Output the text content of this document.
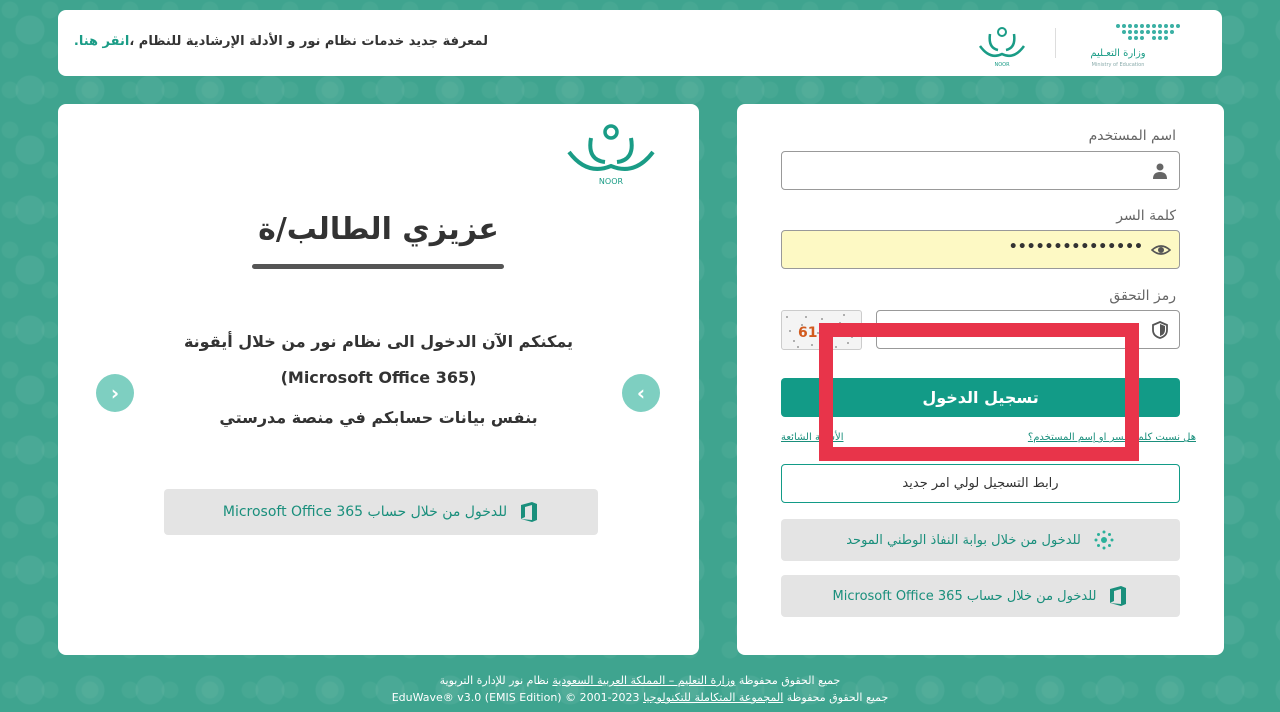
لمعرفة جديد خدمات نظام نور و الأدلة الإرشادية للنظام ،انقر هنا.
NOOR
وزارة التعـليم
Ministry of Education
NOOR
عزيزي الطالب/ة
يمكنكم الآن الدخول الى نظام نور من خلال أيقونة
(Microsoft Office 365)
بنفس بيانات حسابكم في منصة مدرستي
›	‹
للدخول من خلال حساب Microsoft Office 365
اسم المستخدم
كلمة السر
•••••••••••••••
رمز التحقق
61
تسجيل الدخول
هل نسيت كلمة السر او إسم المستخدم؟
الأسئلة الشائعة
رابط التسجيل لولي امر جديد
للدخول من خلال بوابة النفاذ الوطني الموحد
للدخول من خلال حساب Microsoft Office 365
جميع الحقوق محفوظة وزارة التعليم – المملكة العربية السعودية نظام نور للإدارة التربوية
جميع الحقوق محفوظة المجموعة المتكاملة للتكنولوجيا EduWave® v3.0 (EMIS Edition) © 2001-2023
